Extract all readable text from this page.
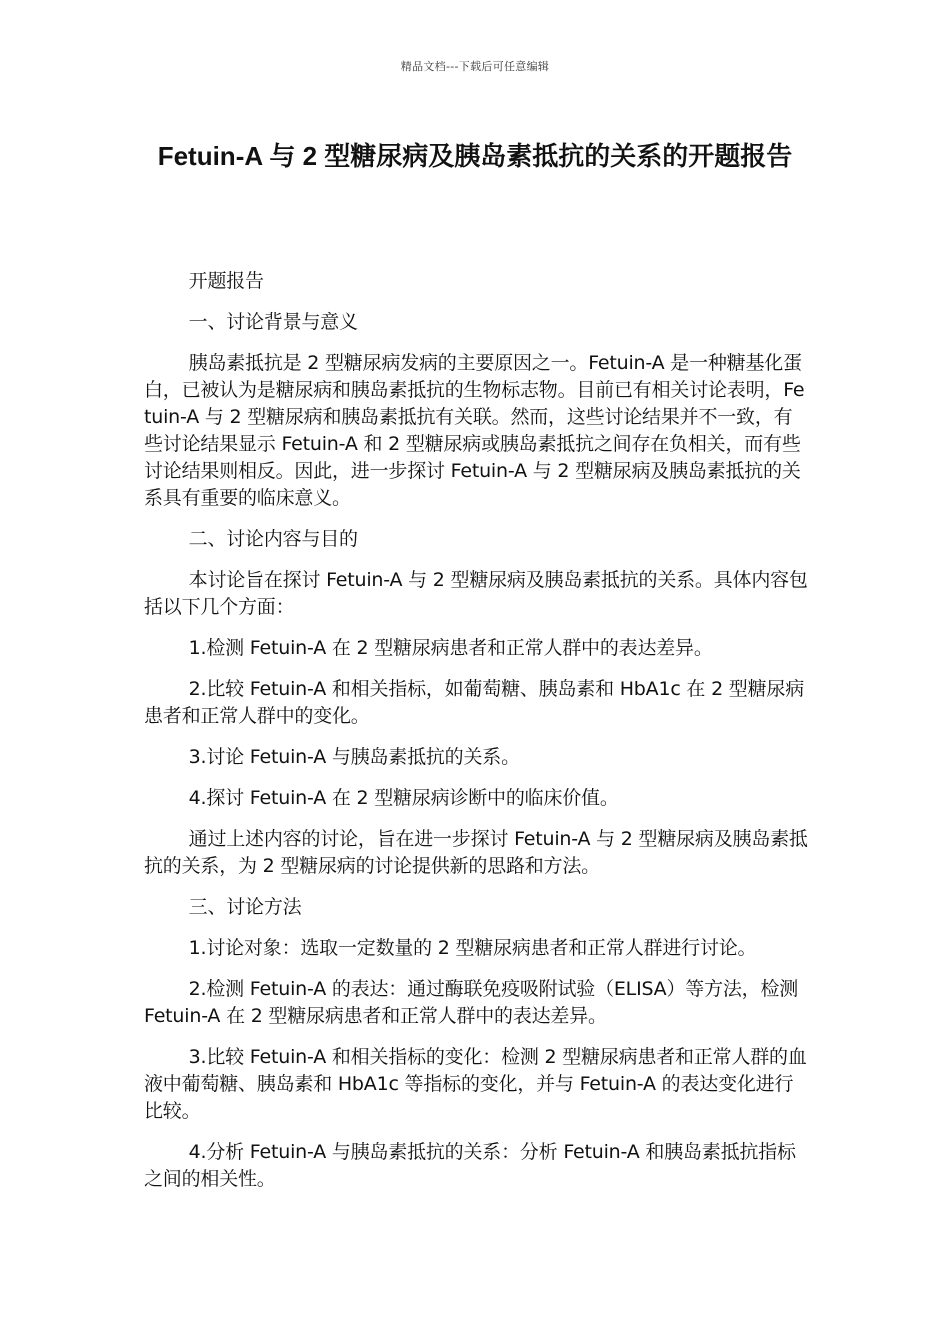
精品文档---下载后可任意编辑
Fetuin-A 与 2 型糖尿病及胰岛素抵抗的关系的开题报告

开题报告

一、讨论背景与意义

胰岛素抵抗是 2 型糖尿病发病的主要原因之一。Fetuin-A 是一种糖基化蛋白，已被认为是糖尿病和胰岛素抵抗的生物标志物。目前已有相关讨论表明，Fetuin-A 与 2 型糖尿病和胰岛素抵抗有关联。然而，这些讨论结果并不一致，有些讨论结果显示 Fetuin-A 和 2 型糖尿病或胰岛素抵抗之间存在负相关，而有些讨论结果则相反。因此，进一步探讨 Fetuin-A 与 2 型糖尿病及胰岛素抵抗的关系具有重要的临床意义。

二、讨论内容与目的

本讨论旨在探讨 Fetuin-A 与 2 型糖尿病及胰岛素抵抗的关系。具体内容包括以下几个方面：

1.检测 Fetuin-A 在 2 型糖尿病患者和正常人群中的表达差异。

2.比较 Fetuin-A 和相关指标，如葡萄糖、胰岛素和 HbA1c 在 2 型糖尿病患者和正常人群中的变化。

3.讨论 Fetuin-A 与胰岛素抵抗的关系。

4.探讨 Fetuin-A 在 2 型糖尿病诊断中的临床价值。

通过上述内容的讨论，旨在进一步探讨 Fetuin-A 与 2 型糖尿病及胰岛素抵抗的关系，为 2 型糖尿病的讨论提供新的思路和方法。

三、讨论方法

1.讨论对象：选取一定数量的 2 型糖尿病患者和正常人群进行讨论。

2.检测 Fetuin-A 的表达：通过酶联免疫吸附试验（ELISA）等方法，检测 Fetuin-A 在 2 型糖尿病患者和正常人群中的表达差异。

3.比较 Fetuin-A 和相关指标的变化：检测 2 型糖尿病患者和正常人群的血液中葡萄糖、胰岛素和 HbA1c 等指标的变化，并与 Fetuin-A 的表达变化进行比较。

4.分析 Fetuin-A 与胰岛素抵抗的关系：分析 Fetuin-A 和胰岛素抵抗指标之间的相关性。
